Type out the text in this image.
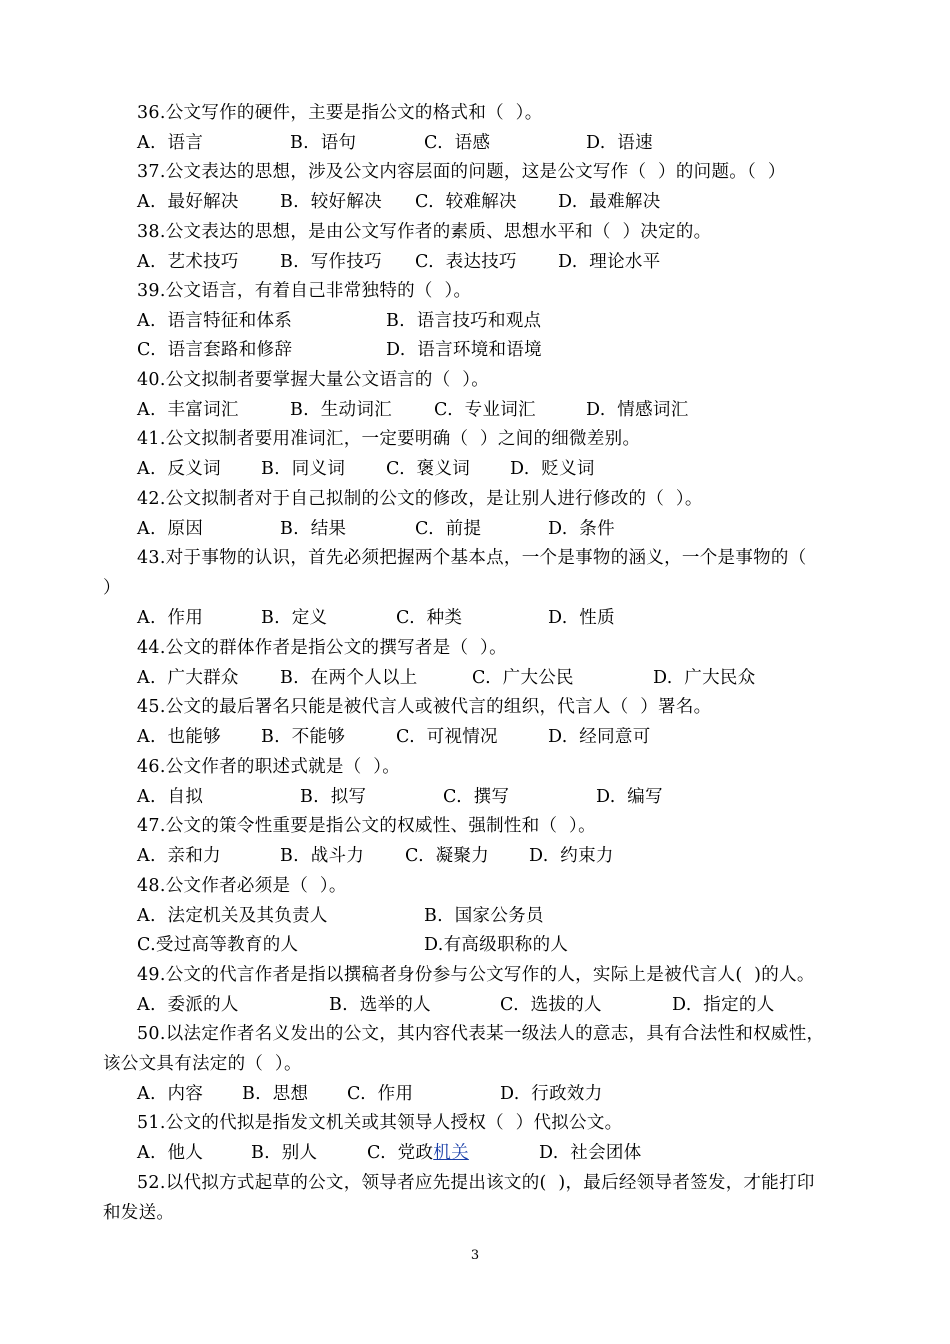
36.公文写作的硬件，主要是指公文的格式和（  ）。
A.  语言	B.  语句	C.  语感	D.  语速
37.公文表达的思想，涉及公文内容层面的问题，这是公文写作（  ）的问题。（  ）
A.  最好解决 B.  较好解决 C.  较难解决 D.  最难解决
38.公文表达的思想，是由公文写作者的素质、思想水平和（  ）决定的。
A.  艺术技巧 B.  写作技巧 C.  表达技巧 D.  理论水平
39.公文语言，有着自己非常独特的（  ）。
A.  语言特征和体系	B.  语言技巧和观点
C.  语言套路和修辞	D.  语言环境和语境
40.公文拟制者要掌握大量公文语言的（  ）。
A.  丰富词汇	B.  生动词汇 C.  专业词汇	D.  情感词汇
41.公文拟制者要用准词汇，一定要明确（  ）之间的细微差别。
A.  反义词 B.  同义词 C.  褒义词 D.  贬义词
42.公文拟制者对于自己拟制的公文的修改，是让别人进行修改的（  ）。
A.  原因	B.  结果	C.  前提	D.  条件
43.对于事物的认识，首先必须把握两个基本点，一个是事物的涵义，一个是事物的（
）
A.  作用	B.  定义	C.  种类	D.  性质
44.公文的群体作者是指公文的撰写者是（  ）。
A.  广大群众 B.  在两个人以上	C.  广大公民	D.  广大民众
45.公文的最后署名只能是被代言人或被代言的组织，代言人（  ）署名。
A.  也能够 B.  不能够	C.  可视情况	D.  经同意可
46.公文作者的职述式就是（  ）。
A.  自拟	B.  拟写	C.  撰写	D.  编写
47.公文的策令性重要是指公文的权威性、强制性和（  ）。
A.  亲和力	B.  战斗力 C.  凝聚力 D.  约束力
48.公文作者必须是（  ）。
A.  法定机关及其负责人	B.  国家公务员
C.受过高等教育的人	D.有高级职称的人
49.公文的代言作者是指以撰稿者身份参与公文写作的人，实际上是被代言人(  )的人。
A.  委派的人	B.  选举的人	C.  选拔的人	D.  指定的人
50.以法定作者名义发出的公文，其内容代表某一级法人的意志，具有合法性和权威性，
该公文具有法定的（  ）。
A.  内容 B.  思想 C.  作用	D.  行政效力
51.公文的代拟是指发文机关或其领导人授权（  ）代拟公文。
A.  他人	B.  别人	C.  党政机关	D.  社会团体
52.以代拟方式起草的公文，领导者应先提出该文的(  )，最后经领导者签发，才能打印
和发送。
3
